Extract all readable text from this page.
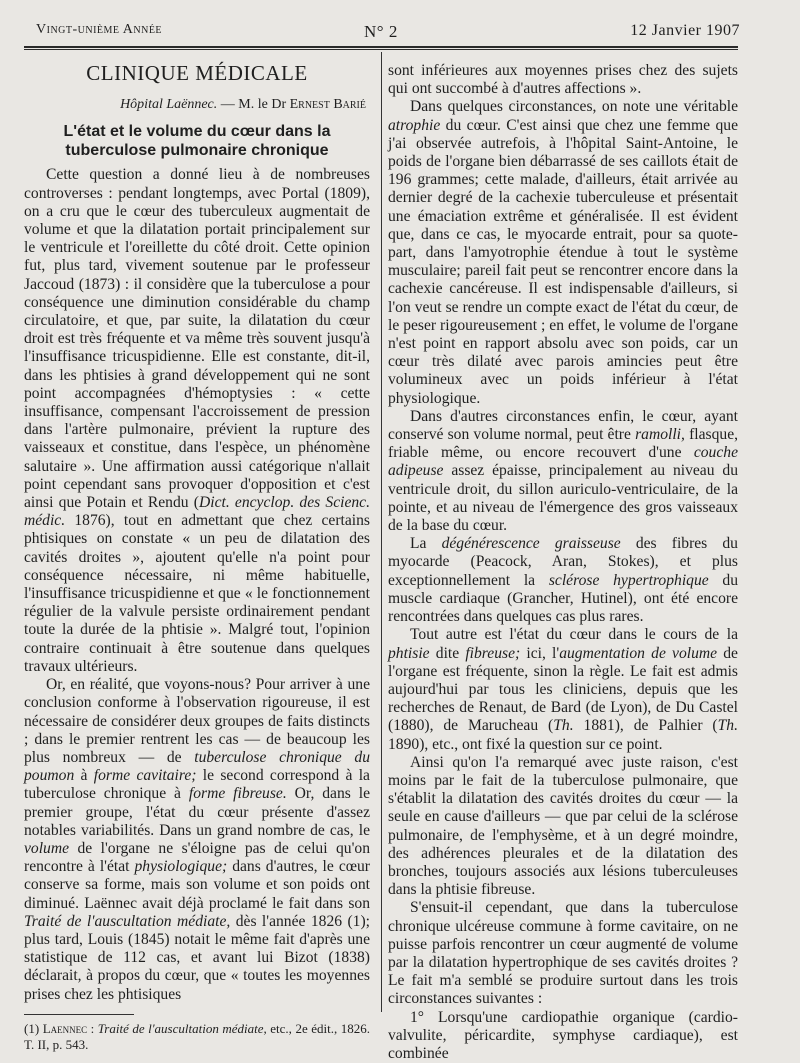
Vingt-unième Année	N° 2	12 Janvier 1907
CLINIQUE MÉDICALE
Hôpital Laënnec. — M. le Dr Ernest Barié
L'état et le volume du cœur dans la tuberculose pulmonaire chronique

Cette question a donné lieu à de nombreuses controverses : pendant longtemps, avec Portal (1809), on a cru que le cœur des tuberculeux augmentait de volume et que la dilatation portait principalement sur le ventricule et l'oreillette du côté droit. Cette opinion fut, plus tard, vivement soutenue par le professeur Jaccoud (1873) : il considère que la tuberculose a pour conséquence une diminution considérable du champ circulatoire, et que, par suite, la dilatation du cœur droit est très fréquente et va même très souvent jusqu'à l'insuffisance tricuspidienne. Elle est constante, dit-il, dans les phtisies à grand développement qui ne sont point accompagnées d'hémoptysies : « cette insuffisance, compensant l'accroissement de pression dans l'artère pulmonaire, prévient la rupture des vaisseaux et constitue, dans l'espèce, un phénomène salutaire ». Une affirmation aussi catégorique n'allait point cependant sans provoquer d'opposition et c'est ainsi que Potain et Rendu (Dict. encyclop. des Scienc. médic. 1876), tout en admettant que chez certains phtisiques on constate « un peu de dilatation des cavités droites », ajoutent qu'elle n'a point pour conséquence nécessaire, ni même habituelle, l'insuffisance tricuspidienne et que « le fonctionnement régulier de la valvule persiste ordinairement pendant toute la durée de la phtisie ». Malgré tout, l'opinion contraire continuait à être soutenue dans quelques travaux ultérieurs.

Or, en réalité, que voyons-nous? Pour arriver à une conclusion conforme à l'observation rigoureuse, il est nécessaire de considérer deux groupes de faits distincts ; dans le premier rentrent les cas — de beaucoup les plus nombreux — de tuberculose chronique du poumon à forme cavitaire; le second correspond à la tuberculose chronique à forme fibreuse. Or, dans le premier groupe, l'état du cœur présente d'assez notables variabilités. Dans un grand nombre de cas, le volume de l'organe ne s'éloigne pas de celui qu'on rencontre à l'état physiologique; dans d'autres, le cœur conserve sa forme, mais son volume et son poids ont diminué. Laënnec avait déjà proclamé le fait dans son Traité de l'auscultation médiate, dès l'année 1826 (1); plus tard, Louis (1845) notait le même fait d'après une statistique de 112 cas, et avant lui Bizot (1838) déclarait, à propos du cœur, que « toutes les moyennes prises chez les phtisiques

(1) Laennec : Traité de l'auscultation médiate, etc., 2e édit., 1826. T. II, p. 543.

sont inférieures aux moyennes prises chez des sujets qui ont succombé à d'autres affections ».

Dans quelques circonstances, on note une véritable atrophie du cœur. C'est ainsi que chez une femme que j'ai observée autrefois, à l'hôpital Saint-Antoine, le poids de l'organe bien débarrassé de ses caillots était de 196 grammes; cette malade, d'ailleurs, était arrivée au dernier degré de la cachexie tuberculeuse et présentait une émaciation extrême et généralisée. Il est évident que, dans ce cas, le myocarde entrait, pour sa quote-part, dans l'amyotrophie étendue à tout le système musculaire; pareil fait peut se rencontrer encore dans la cachexie cancéreuse. Il est indispensable d'ailleurs, si l'on veut se rendre un compte exact de l'état du cœur, de le peser rigoureusement ; en effet, le volume de l'organe n'est point en rapport absolu avec son poids, car un cœur très dilaté avec parois amincies peut être volumineux avec un poids inférieur à l'état physiologique.

Dans d'autres circonstances enfin, le cœur, ayant conservé son volume normal, peut être ramolli, flasque, friable même, ou encore recouvert d'une couche adipeuse assez épaisse, principalement au niveau du ventricule droit, du sillon auriculo-ventriculaire, de la pointe, et au niveau de l'émergence des gros vaisseaux de la base du cœur.

La dégénérescence graisseuse des fibres du myocarde (Peacock, Aran, Stokes), et plus exceptionnellement la sclérose hypertrophique du muscle cardiaque (Grancher, Hutinel), ont été encore rencontrées dans quelques cas plus rares.

Tout autre est l'état du cœur dans le cours de la phtisie dite fibreuse; ici, l'augmentation de volume de l'organe est fréquente, sinon la règle. Le fait est admis aujourd'hui par tous les cliniciens, depuis que les recherches de Renaut, de Bard (de Lyon), de Du Castel (1880), de Marucheau (Th. 1881), de Palhier (Th. 1890), etc., ont fixé la question sur ce point.

Ainsi qu'on l'a remarqué avec juste raison, c'est moins par le fait de la tuberculose pulmonaire, que s'établit la dilatation des cavités droites du cœur — la seule en cause d'ailleurs — que par celui de la sclérose pulmonaire, de l'emphysème, et à un degré moindre, des adhérences pleurales et de la dilatation des bronches, toujours associés aux lésions tuberculeuses dans la phtisie fibreuse.

S'ensuit-il cependant, que dans la tuberculose chronique ulcéreuse commune à forme cavitaire, on ne puisse parfois rencontrer un cœur augmenté de volume par la dilatation hypertrophique de ses cavités droites ? Le fait m'a semblé se produire surtout dans les trois circonstances suivantes :

1° Lorsqu'une cardiopathie organique (cardio-valvulite, péricardite, symphyse cardiaque), est combinée
